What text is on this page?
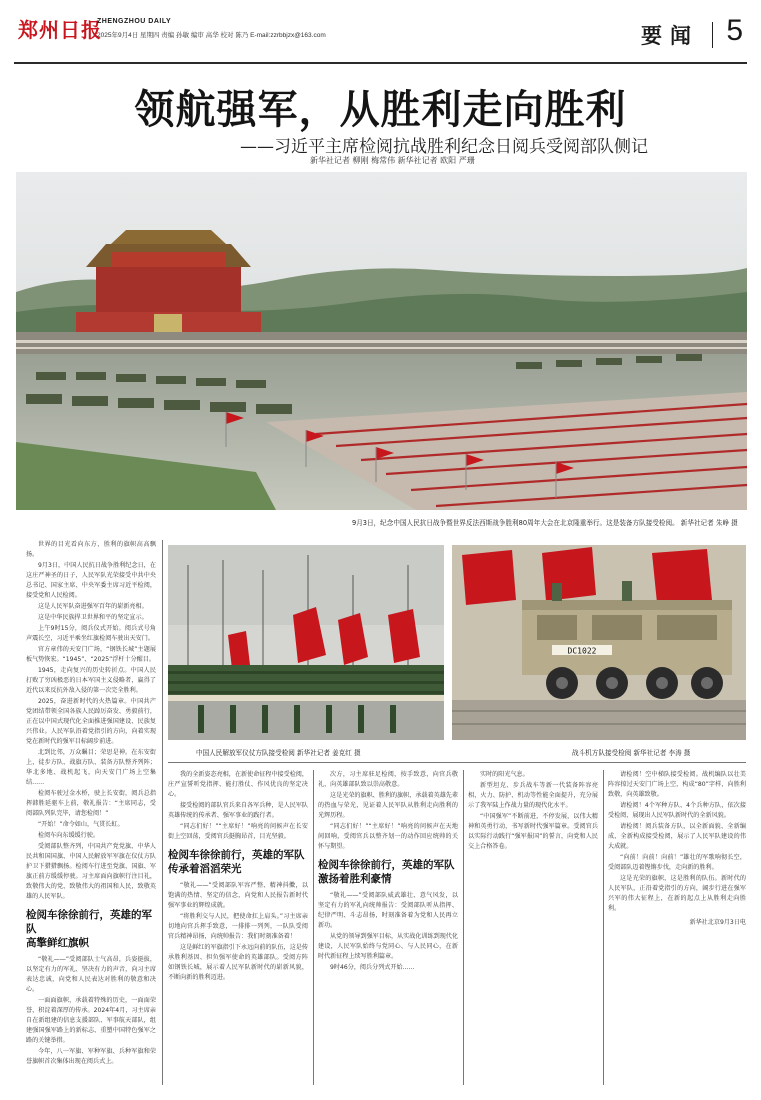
郑州日报
ZHENGZHOU DAILY
2025年9月4日 星期四 责编 孙敏 编审 高华 校对 陈乃 E-mail:zzrbbjzx@163.com	要闻 5
领航强军，从胜利走向胜利
——习近平主席检阅抗战胜利纪念日阅兵受阅部队侧记
新华社记者 柳刚 梅常伟 新华社记者 欧阳 严珊
9月3日，纪念中国人民抗日战争暨世界反法西斯战争胜利80周年大会在北京隆重举行。这是装备方队接受检阅。 新华社记者 朱峥 摄

世界的目光看向东方，胜利的旗帜高高飘扬。

9月3日，中国人民抗日战争胜利纪念日，在这庄严神圣的日子，人民军队光荣接受中共中央总书记、国家主席、中央军委主席习近平检阅，接受党和人民检阅。

这是人民军队奋进强军百年的崭新亮相。

这是中华民族捍卫世界和平的坚定宣示。

上午9时15分，阅兵仪式开始。阅兵式号角声震长空，习近平乘坐红旗检阅车驶出天安门。

官方章伟的天安门广场，“钢铁长城”主题展板气势恢宏。“1945”、“2025”浮杆十分醒目。

1945，走向复兴的历史转折点。中国人民打败了穷凶极恶的日本军国主义侵略者，赢得了近代以来反抗外敌入侵的第一次完全胜利。

2025，奋进新时代的火热篇章。中国共产党团结带领全国各族人民踔厉奋发、勇毅前行，正在以中国式现代化全面推进强国建设、民族复兴伟业。人民军队沿着党指引的方向，向着实现党在新时代的强军目标阔步前进。

北到比邻，万众瞩目；荣思是神。在东安街上，徒步方队、战旗方队、装备方队整齐列阵；华北多地、战机起飞，向天安门广场上空集结……

检阅车驶过金水桥，驶上长安街，阅兵总指挥韩胜延驱车上前，敬礼报告：“主席同志，受阅部队列队完毕，请您检阅！”

“开始！”命令如山，气贯长虹。

检阅车向东缓缓行驶。

受阅部队整齐列，中国共产党党旗、中华人民共和国国旗、中国人民解放军军旗在仪仗方队护卫下猎猎飘扬。检阅车行进至党旗、国旗、军旗正前方缓缓停驶。习主席面向旗帜行注目礼，致敬伟大的党、致敬伟大的祖国和人民，致敬英雄的人民军队。

检阅车徐徐前行，英雄的军队
高擎鲜红旗帜

“敬礼——”受阅部队士气高昂，兵姿挺拔，以坚定有力的军礼、坚决有力的声音，向习主席表达忠诚，向党和人民表达对胜利的敬意和决心。

一面面旗帜，承载着特殊的历史，一面面荣誉，积淀着深厚的传承。2024年4月，习主席亲自在新组建的信息支援部队、军事航天部队，组建强国强军路上的新标志、重塑中国特色强军之路的关键举措。

今年，八一军旗、军种军旗、兵种军旗和荣誉旗帜首次集体出现在阅兵式上。

中国人民解放军仪仗方队接受检阅 新华社记者 姜克红 摄
DC1022
战斗机方队接受检阅 新华社记者 李涛 摄

我的全新姿态亮相，在新使命征程中接受检阅，庄严宣誓听党指挥、能打胜仗、作风优良的坚定决心。

接受检阅的部队官兵来自各军兵种，是人民军队英雄传统的传承者、强军事业的践行者。

“同志们好！”“主席好！”响亮的问候声在长安街上空回荡，受阅官兵挺胸昂首，目光坚毅。

检阅车徐徐前行，英雄的军队
传承着滔滔荣光

“敬礼——”受阅部队军容严整、精神抖擞，以饱满的热情、坚定的信念，向党和人民报告新时代强军事业的辉煌成就。

“将胜利交与人民，把使命扛上肩头。”习主席亲切地向官兵挥手致意，一排排一列列，一队队受阅官兵精神昂扬，向统帅报告：我们时刻准备着！

这是鲜红的军旗指引下永远向前的队伍，这是传承胜利基因、担负强军使命的英雄部队。受阅方阵如钢铁长城，展示着人民军队新时代的崭新风貌，不断向新的胜利迈进。

次方，习主席驻足检阅，按手致意，向官兵敬礼，向英雄部队致以崇高敬意。

这是光荣的旗帜、胜利的旗帜，承载着英雄先辈的热血与荣光，见证着人民军队从胜利走向胜利的光辉历程。

“同志们好！”“主席好！”响亮的问候声在天地间回响，受阅官兵以整齐划一的动作回应统帅的关怀与期望。

检阅车徐徐前行，英雄的军队
激扬着胜利豪情

“敬礼——”受阅部队威武雄壮、意气风发，以坚定有力的军礼向统帅报告：受阅部队听从指挥、纪律严明、斗志昂扬，时刻准备着为党和人民再立新功。

从党的领导到强军目标，从实战化训练到现代化建设，人民军队始终与党同心、与人民同心，在新时代新征程上续写胜利篇章。

9时46分，阅兵分列式开始……

实时的阳光气息。

新型坦克、步兵战车等新一代装备阵容亮相，火力、防护、机动等性能全面提升，充分展示了我军陆上作战力量的现代化水平。

“中国强军”不断前进，不停发展，以伟大精神和英勇行动，书写新时代强军篇章。受阅官兵以实际行动践行“强军报国”的誓言，向党和人民交上合格答卷。

请检阅！空中梯队接受检阅。战机编队以壮美阵容掠过天安门广场上空，构成“80”字样，向胜利致敬，向英雄致敬。

请检阅！4个军种方队、4个兵种方队，依次接受检阅，展现出人民军队新时代的全新风貌。

请检阅！阅兵装备方队，以全新面貌、全新编成、全新构成接受检阅，展示了人民军队建设的伟大成就。

“向前！向前！向前！”雄壮的军歌响彻长空，受阅部队迈着铿锵步伐，走向新的胜利。

这是光荣的旗帜，这是胜利的队伍。新时代的人民军队，正沿着党指引的方向，阔步行进在强军兴军的伟大征程上，在新的起点上从胜利走向胜利。

新华社北京9月3日电
